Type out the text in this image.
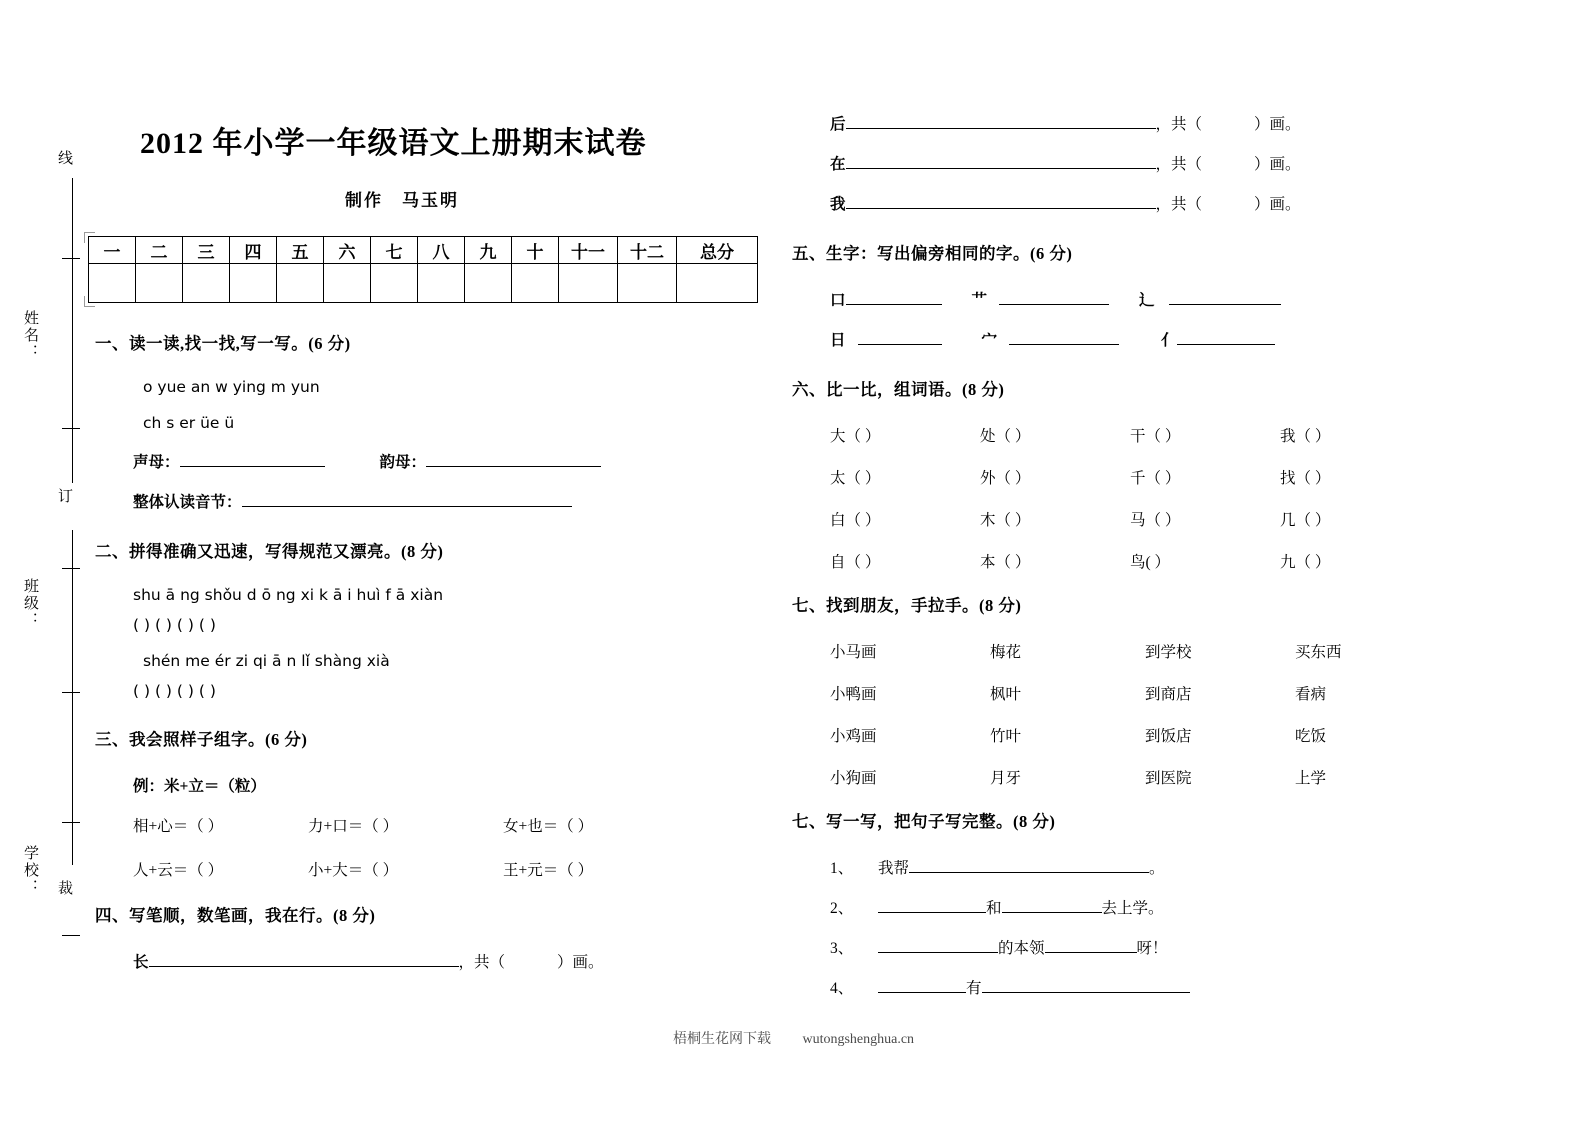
线
订
裁
姓名：
班级：
学校：
2012 年小学一年级语文上册期末试卷
制作　马玉明
一	二	三	四	五	六	七	八	九	十	十一	十二	总分

一、读一读,找一找,写一写。(6 分)

o yue an w ying m yun

ch s er üe ü

声母：	韵母：
整体认读音节：

二、拼得准确又迅速，写得规范又漂亮。(8 分)

shu ā ng shǒu d ō ng xi k ā i huì f ā xiàn

( ) ( ) ( ) ( )

shén me ér zi qi ā n lǐ shàng xià

( ) ( ) ( ) ( )

三、我会照样子组字。(6 分)

例：米+立＝（粒）

相+心＝（ ）	力+口＝（ ）	女+也＝（ ）
人+云＝（ ）	小+大＝（ ）	王+元＝（ ）

四、写笔顺，数笔画，我在行。(8 分)

长	，共（	）画。
后	，共（	）画。
在	，共（	）画。
我	，共（	）画。

五、生字：写出偏旁相同的字。(6 分)

口	艹	辶
日	宀	亻

六、比一比，组词语。(8 分)

大（ ）	处（ ）	干（ ）	我（ ）
太（ ）	外（ ）	千（ ）	找（ ）
白（ ）	木（ ）	马（ ）	几（ ）
自（ ）	本（ ）	鸟( ）	九（ ）

七、找到朋友，手拉手。(8 分)

小马画	梅花	到学校	买东西
小鸭画	枫叶	到商店	看病
小鸡画	竹叶	到饭店	吃饭
小狗画	月牙	到医院	上学

七、写一写，把句子写完整。(8 分)

1、	我帮	。
2、	和	去上学。
3、	的本领	呀！
4、	有
梧桐生花网下载 wutongshenghua.cn
